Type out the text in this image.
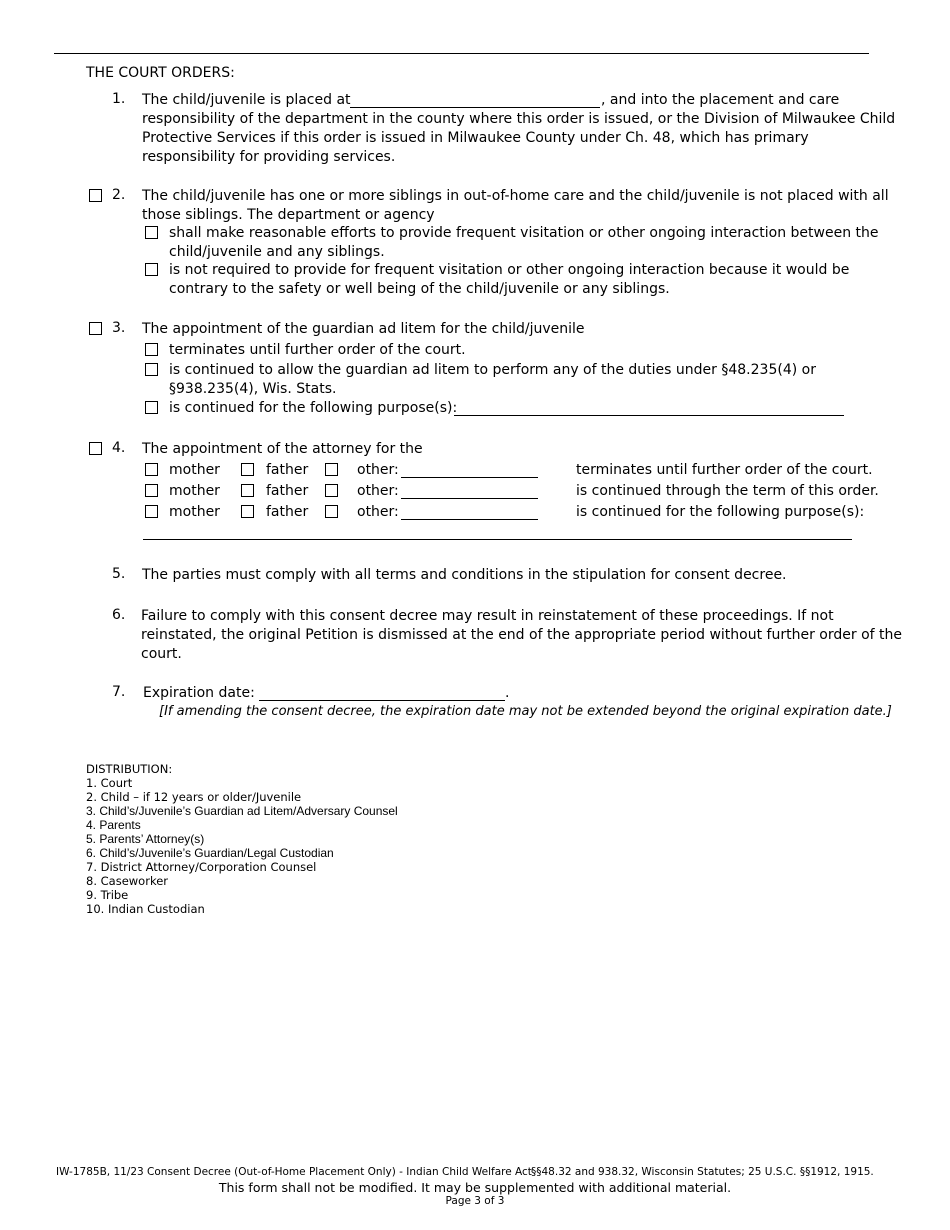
THE COURT ORDERS:
1. The child/juvenile is placed at	, and into the placement and care
responsibility of the department in the county where this order is issued, or the Division of Milwaukee Child
Protective Services if this order is issued in Milwaukee County under Ch. 48, which has primary
responsibility for providing services.
2. The child/juvenile has one or more siblings in out-of-home care and the child/juvenile is not placed with all
those siblings. The department or agency
shall make reasonable efforts to provide frequent visitation or other ongoing interaction between the
child/juvenile and any siblings.
is not required to provide for frequent visitation or other ongoing interaction because it would be
contrary to the safety or well being of the child/juvenile or any siblings.
3. The appointment of the guardian ad litem for the child/juvenile
terminates until further order of the court.
is continued to allow the guardian ad litem to perform any of the duties under §48.235(4) or
§938.235(4), Wis. Stats.
is continued for the following purpose(s):
4. The appointment of the attorney for the
mother	father	other:	terminates until further order of the court.
mother	father	other:	is continued through the term of this order.
mother	father	other:	is continued for the following purpose(s):
5. The parties must comply with all terms and conditions in the stipulation for consent decree.
6. Failure to comply with this consent decree may result in reinstatement of these proceedings. If not
reinstated, the original Petition is dismissed at the end of the appropriate period without further order of the
court.
7. Expiration date:	.
[If amending the consent decree, the expiration date may not be extended beyond the original expiration date.]
DISTRIBUTION:
1. Court
2. Child – if 12 years or older/Juvenile
3. Child’s/Juvenile’s Guardian ad Litem/Adversary Counsel
4. Parents
5. Parents’ Attorney(s)
6. Child’s/Juvenile’s Guardian/Legal Custodian
7. District Attorney/Corporation Counsel
8. Caseworker
9. Tribe
10. Indian Custodian
IW-1785B, 11/23 Consent Decree (Out-of-Home Placement Only) - Indian Child Welfare Act §§48.32 and 938.32, Wisconsin Statutes; 25 U.S.C. §§1912, 1915.
This form shall not be modified. It may be supplemented with additional material.
Page 3 of 3
